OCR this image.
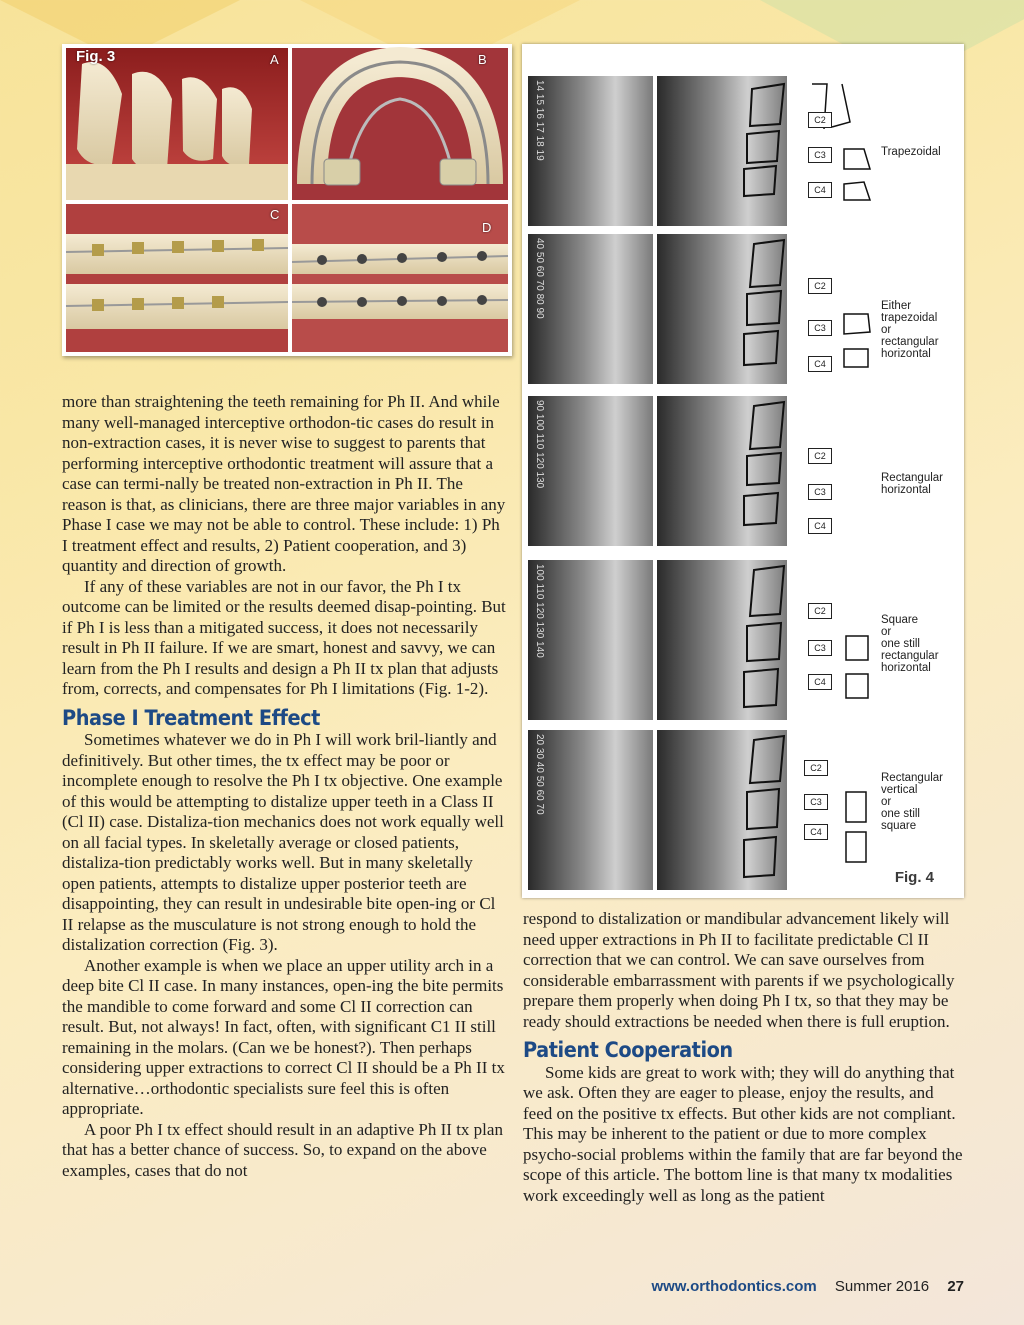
Fig. 3	A	B
C
D
C2
C3
C4
C2
C3
C4
C2
C3
C4
C2
C3
C4
C2
C3
C4
14 15 16 17 18 19
40 50 60 70 80 90
90 100 110 120 130
100 110 120 130 140
20 30 40 50 60 70
Trapezoidal
Either
trapezoidal
or
rectangular
horizontal
Rectangular
horizontal
Square
or
one still
rectangular
horizontal
Rectangular
vertical
or
one still
square
Fig. 4

more than straightening the teeth remaining for Ph II. And while many well-managed interceptive orthodon-tic cases do result in non-extraction cases, it is never wise to suggest to parents that performing interceptive orthodontic treatment will assure that a case can termi-nally be treated non-extraction in Ph II. The reason is that, as clinicians, there are three major variables in any Phase I case we may not be able to control. These include: 1) Ph I treatment effect and results, 2) Patient cooperation, and 3) quantity and direction of growth.

If any of these variables are not in our favor, the Ph I tx outcome can be limited or the results deemed disap-pointing. But if Ph I is less than a mitigated success, it does not necessarily result in Ph II failure. If we are smart, honest and savvy, we can learn from the Ph I results and design a Ph II tx plan that adjusts from, corrects, and compensates for Ph I limitations (Fig. 1-2).

Phase I Treatment Effect

Sometimes whatever we do in Ph I will work bril-liantly and definitively. But other times, the tx effect may be poor or incomplete enough to resolve the Ph I tx objective. One example of this would be attempting to distalize upper teeth in a Class II (Cl II) case. Distaliza-tion mechanics does not work equally well on all facial types. In skeletally average or closed patients, distaliza-tion predictably works well. But in many skeletally open patients, attempts to distalize upper posterior teeth are disappointing, they can result in undesirable bite open-ing or Cl II relapse as the musculature is not strong enough to hold the distalization correction (Fig. 3).

Another example is when we place an upper utility arch in a deep bite Cl II case. In many instances, open-ing the bite permits the mandible to come forward and some Cl II correction can result. But, not always! In fact, often, with significant C1 II still remaining in the molars. (Can we be honest?). Then perhaps considering upper extractions to correct Cl II should be a Ph II tx alternative…orthodontic specialists sure feel this is often appropriate.

A poor Ph I tx effect should result in an adaptive Ph II tx plan that has a better chance of success. So, to expand on the above examples, cases that do not

respond to distalization or mandibular advancement likely will need upper extractions in Ph II to facilitate predictable Cl II correction that we can control. We can save ourselves from considerable embarrassment with parents if we psychologically prepare them properly when doing Ph I tx, so that they may be ready should extractions be needed when there is full eruption.

Patient Cooperation

Some kids are great to work with; they will do anything that we ask. Often they are eager to please, enjoy the results, and feed on the positive tx effects. But other kids are not compliant. This may be inherent to the patient or due to more complex psycho-social problems within the family that are far beyond the scope of this article. The bottom line is that many tx modalities work exceedingly well as long as the patient

www.orthodontics.com Summer 2016 27
